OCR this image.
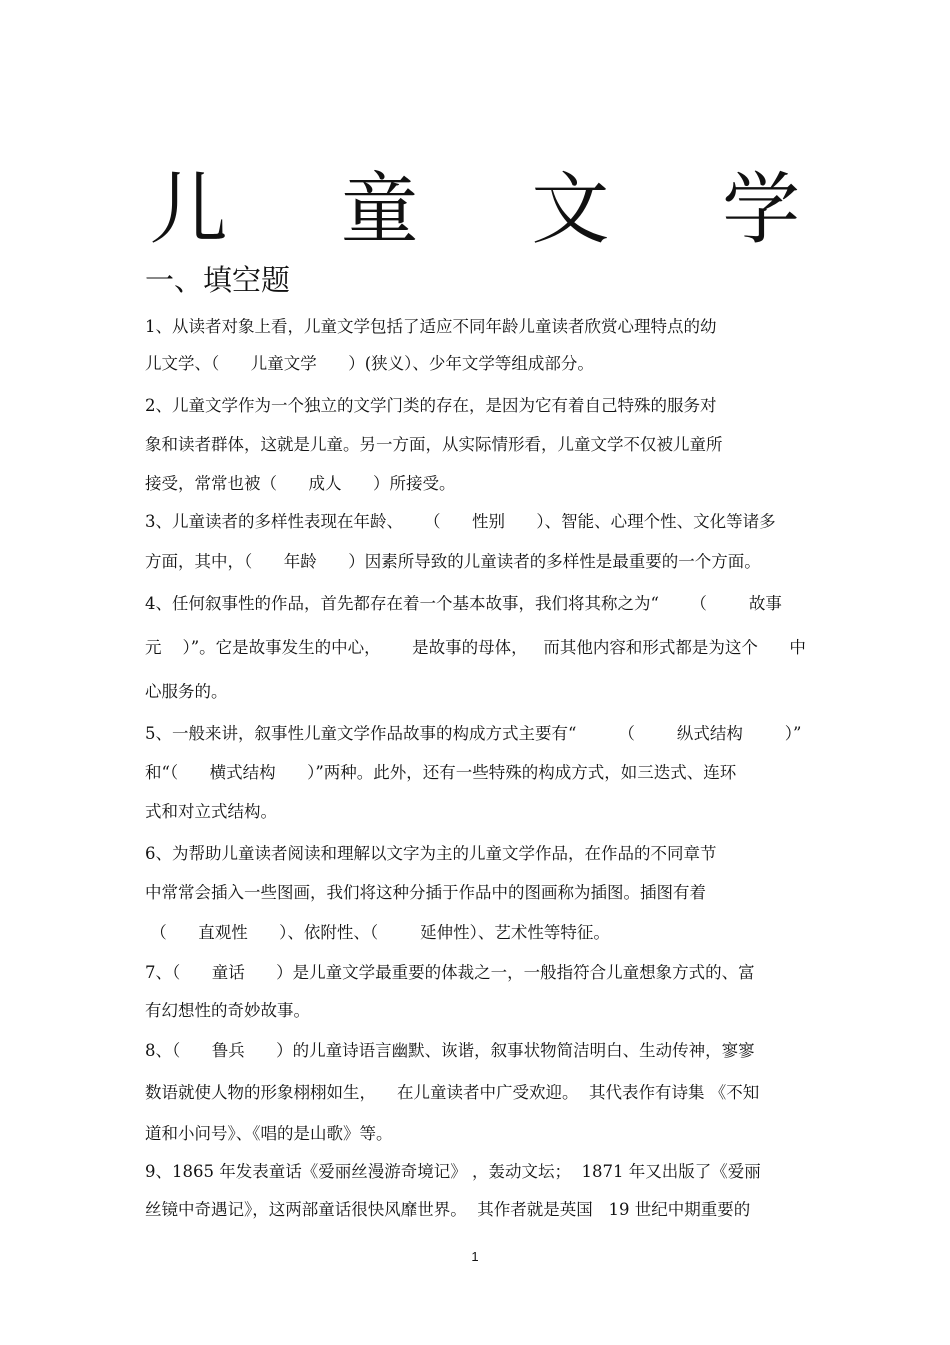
儿 童 文 学
一、填空题
1、从读者对象上看，儿童文学包括了适应不同年龄儿童读者欣赏心理特点的幼
儿文学、（      儿童文学      ）(狭义）、少年文学等组成部分。
2、儿童文学作为一个独立的文学门类的存在，是因为它有着自己特殊的服务对
象和读者群体，这就是儿童。另一方面，从实际情形看，儿童文学不仅被儿童所
接受，常常也被（      成人      ）所接受。
3、儿童读者的多样性表现在年龄、    （      性别      ）、智能、心理个性、文化等诸多
方面，其中，（      年龄      ）因素所导致的儿童读者的多样性是最重要的一个方面。
4、任何叙事性的作品，首先都存在着一个基本故事，我们将其称之为“      （        故事
元    ）”。它是故事发生的中心，      是故事的母体，   而其他内容和形式都是为这个      中
心服务的。
5、一般来讲，叙事性儿童文学作品故事的构成方式主要有“        （        纵式结构        ）”
和“（      横式结构      ）”两种。此外，还有一些特殊的构成方式，如三迭式、连环
式和对立式结构。
6、为帮助儿童读者阅读和理解以文字为主的儿童文学作品，在作品的不同章节
中常常会插入一些图画，我们将这种分插于作品中的图画称为插图。插图有着
（      直观性      ）、依附性、（        延伸性）、艺术性等特征。
7、（      童话      ）是儿童文学最重要的体裁之一，一般指符合儿童想象方式的、富
有幻想性的奇妙故事。
8、（      鲁兵      ）的儿童诗语言幽默、诙谐，叙事状物简洁明白、生动传神，寥寥
数语就使人物的形象栩栩如生，    在儿童读者中广受欢迎。  其代表作有诗集 《不知
道和小问号》、《唱的是山歌》等。
9、1865 年发表童话《爱丽丝漫游奇境记》 ，轰动文坛；  1871 年又出版了《爱丽
丝镜中奇遇记》，这两部童话很快风靡世界。  其作者就是英国   19 世纪中期重要的
1
